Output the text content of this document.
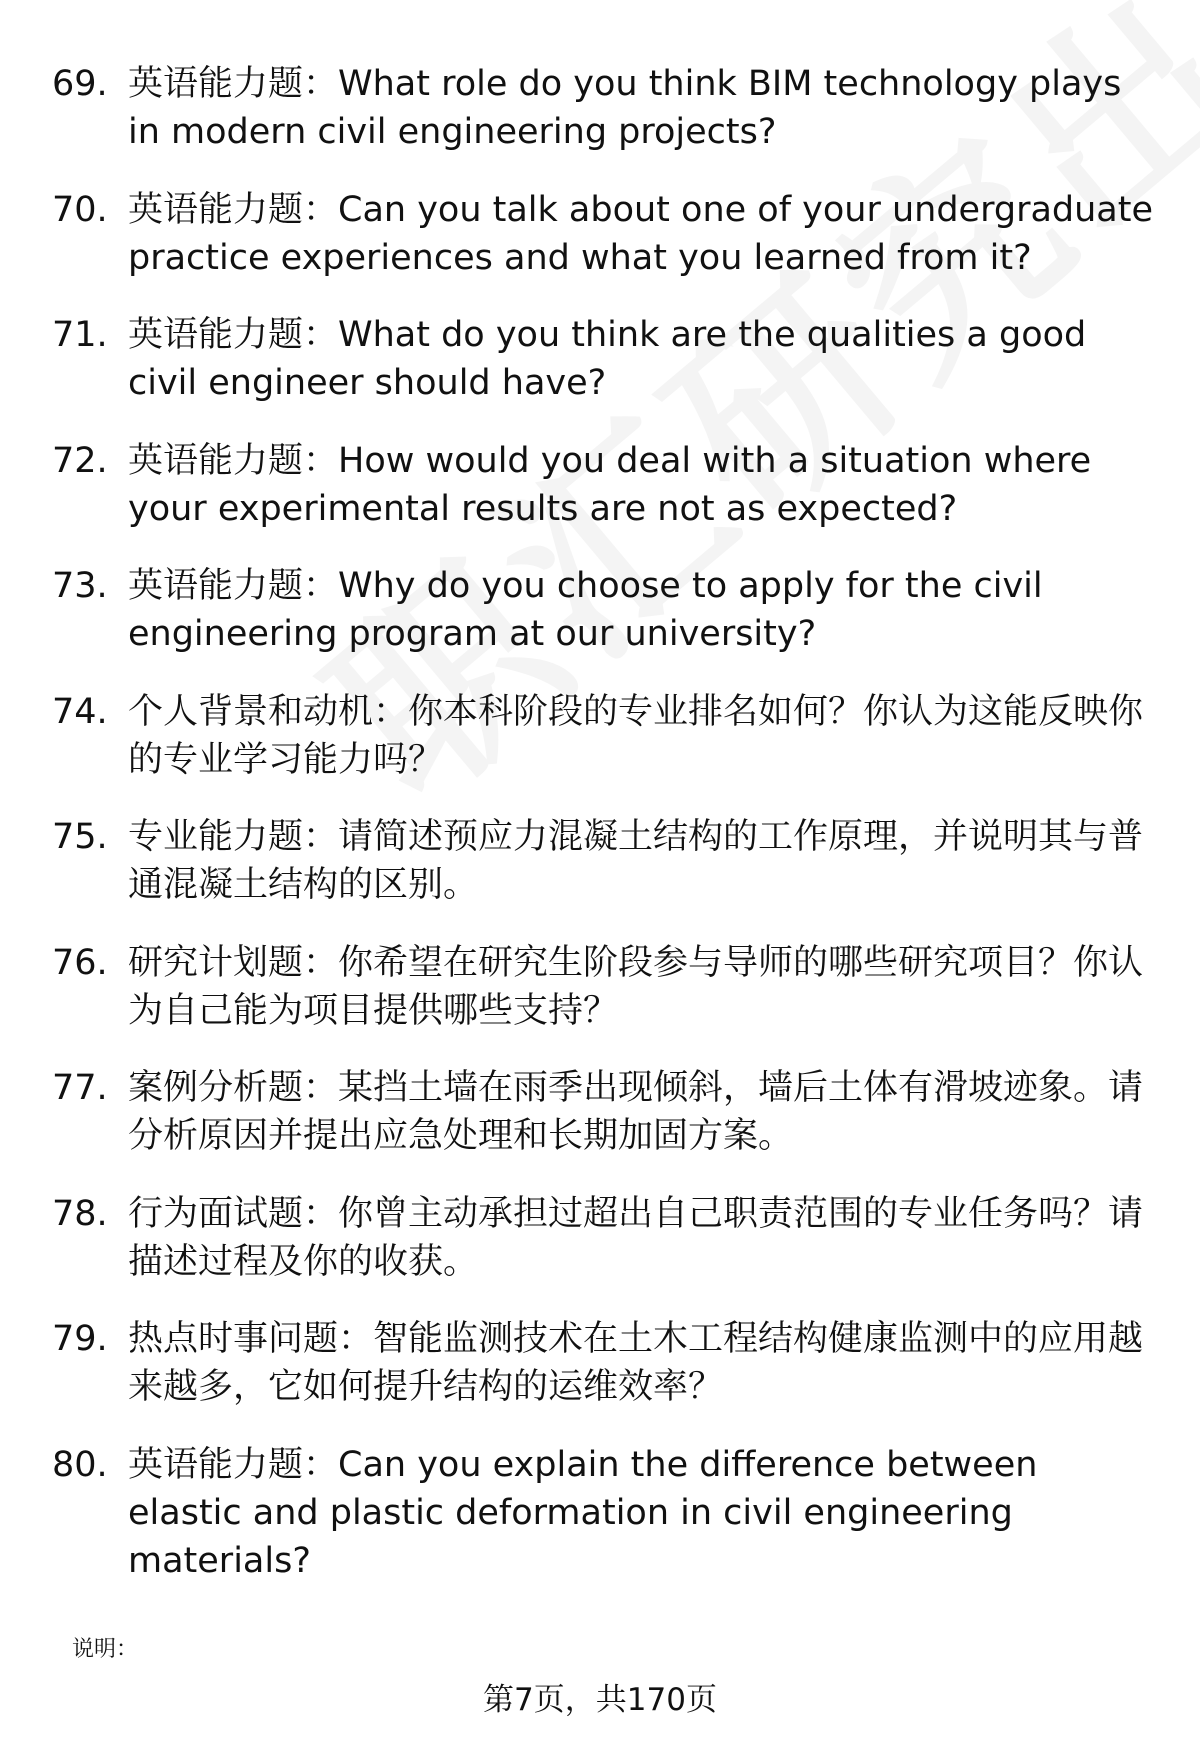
69. 英语能力题：What role do you think BIM technology plays in modern civil engineering projects?
70. 英语能力题：Can you talk about one of your undergraduate practice experiences and what you learned from it?
71. 英语能力题：What do you think are the qualities a good civil engineer should have?
72. 英语能力题：How would you deal with a situation where your experimental results are not as expected?
73. 英语能力题：Why do you choose to apply for the civil engineering program at our university?
74. 个人背景和动机：你本科阶段的专业排名如何？你认为这能反映你的专业学习能力吗？
75. 专业能力题：请简述预应力混凝土结构的工作原理，并说明其与普通混凝土结构的区别。
76. 研究计划题：你希望在研究生阶段参与导师的哪些研究项目？你认为自己能为项目提供哪些支持？
77. 案例分析题：某挡土墙在雨季出现倾斜，墙后土体有滑坡迹象。请分析原因并提出应急处理和长期加固方案。
78. 行为面试题：你曾主动承担过超出自己职责范围的专业任务吗？请描述过程及你的收获。
79. 热点时事问题：智能监测技术在土木工程结构健康监测中的应用越来越多，它如何提升结构的运维效率？
80. 英语能力题：Can you explain the difference between elastic and plastic deformation in civil engineering materials?
说明：
第7页，共170页
